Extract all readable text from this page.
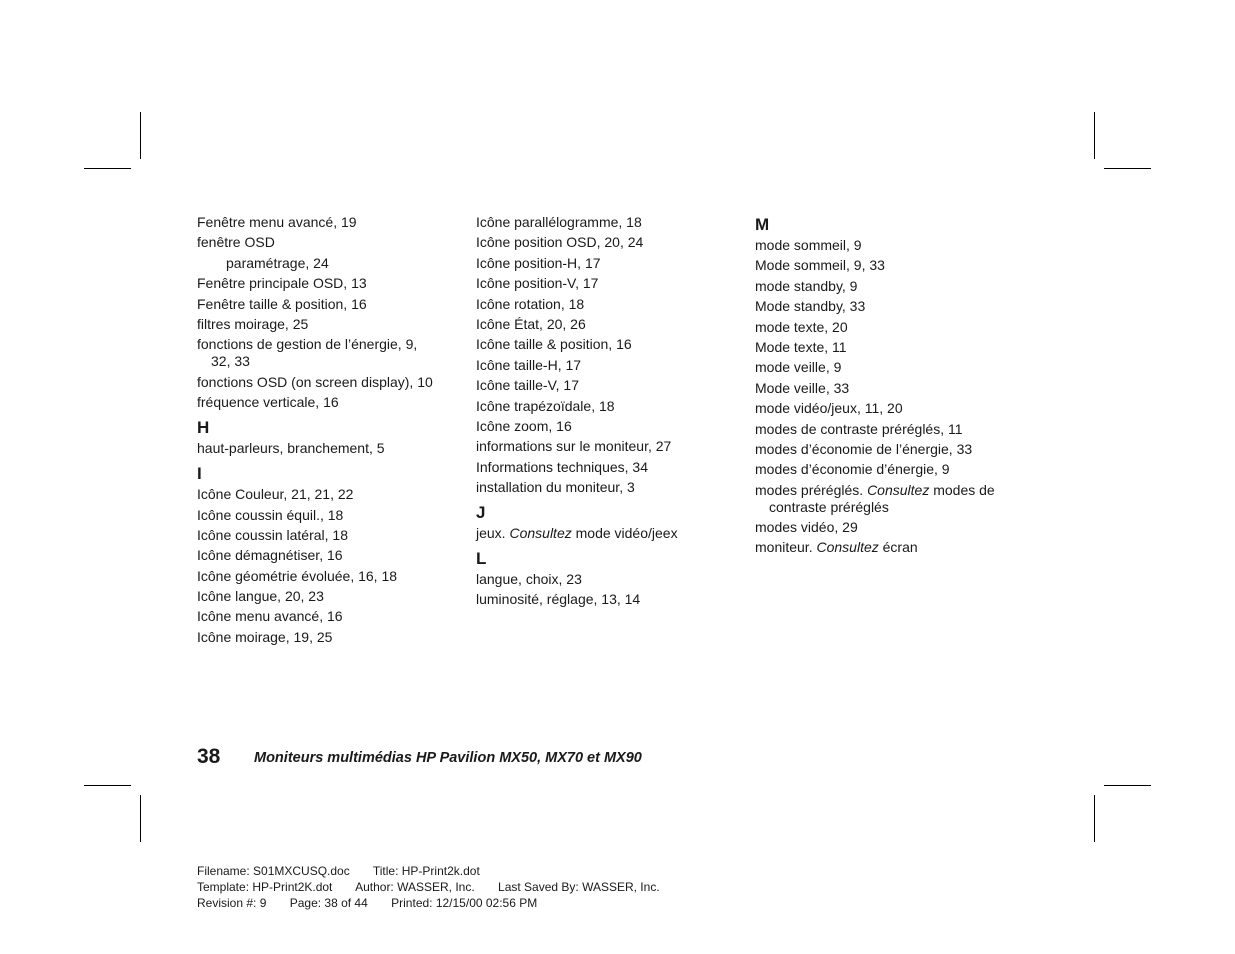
Fenêtre menu avancé, 19
fenêtre OSD
paramétrage, 24
Fenêtre principale OSD, 13
Fenêtre taille & position, 16
filtres moirage, 25
fonctions de gestion de l’énergie, 9, 32, 33
fonctions OSD (on screen display), 10
fréquence verticale, 16
H
haut-parleurs, branchement, 5
I
Icône Couleur, 21, 21, 22
Icône coussin équil., 18
Icône coussin latéral, 18
Icône démagnétiser, 16
Icône géométrie évoluée, 16, 18
Icône langue, 20, 23
Icône menu avancé, 16
Icône moirage, 19, 25
Icône parallélogramme, 18
Icône position OSD, 20, 24
Icône position-H, 17
Icône position-V, 17
Icône rotation, 18
Icône État, 20, 26
Icône taille & position, 16
Icône taille-H, 17
Icône taille-V, 17
Icône trapézoïdale, 18
Icône zoom, 16
informations sur le moniteur, 27
Informations techniques, 34
installation du moniteur, 3
J
jeux. Consultez mode vidéo/jeex
L
langue, choix, 23
luminosité, réglage, 13, 14
M
mode sommeil, 9
Mode sommeil, 9, 33
mode standby, 9
Mode standby, 33
mode texte, 20
Mode texte, 11
mode veille, 9
Mode veille, 33
mode vidéo/jeux, 11, 20
modes de contraste préréglés, 11
modes d’économie de l’énergie, 33
modes d’économie d’énergie, 9
modes préréglés. Consultez modes de contraste préréglés
modes vidéo, 29
moniteur. Consultez écran
38 Moniteurs multimédias HP Pavilion MX50, MX70 et MX90
Filename: S01MXCUSQ.doc Title: HP-Print2k.dot
Template: HP-Print2K.dot Author: WASSER, Inc. Last Saved By: WASSER, Inc.
Revision #: 9 Page: 38 of 44 Printed: 12/15/00 02:56 PM
